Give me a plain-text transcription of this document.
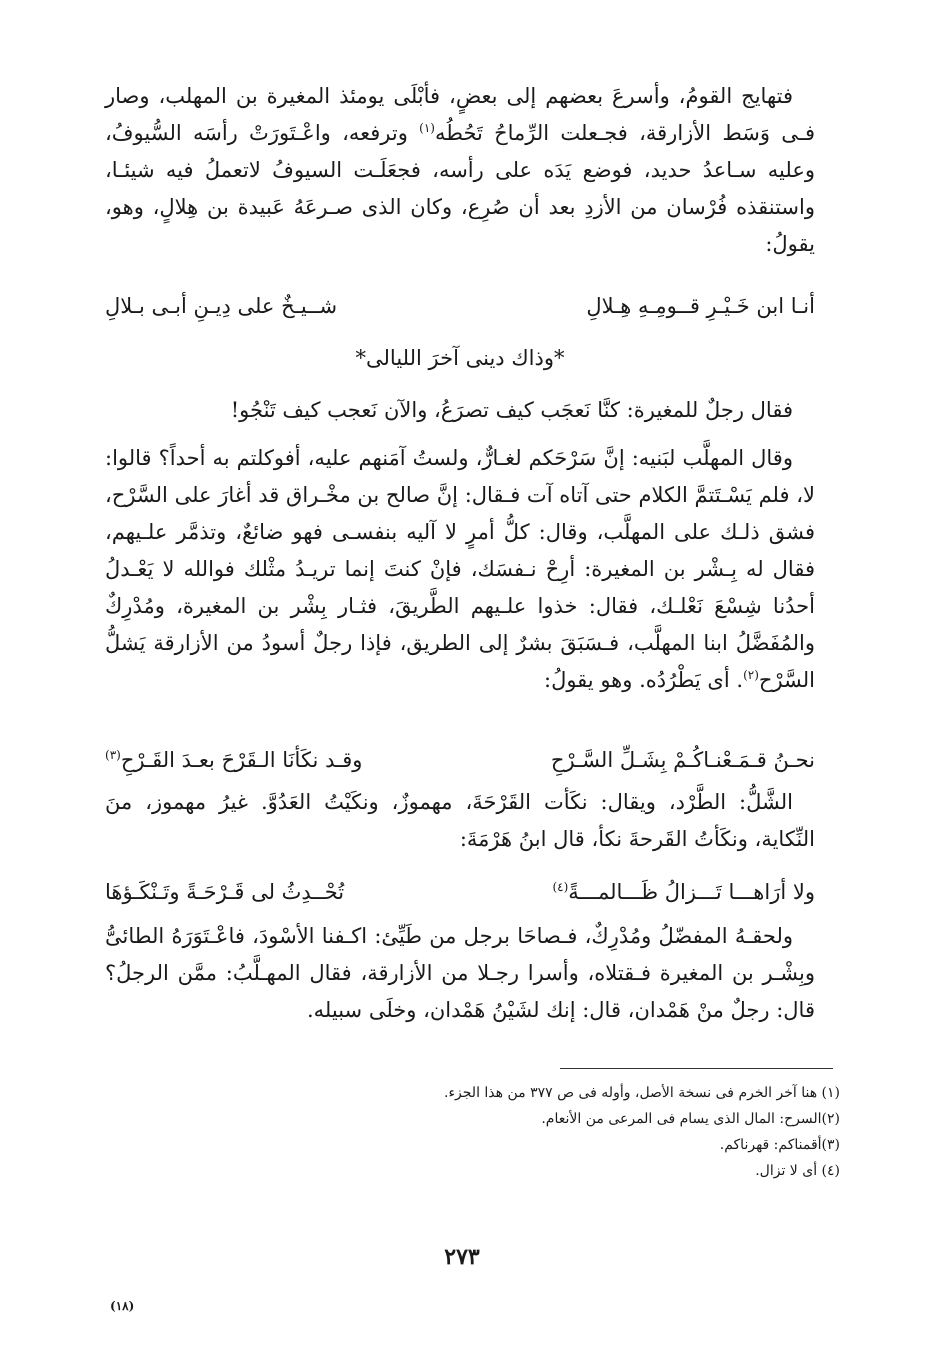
فتهايج القومُ، وأسرعَ بعضهم إلى بعضٍ، فأبْلَى يومئذ المغيرة بن المهلب، وصار فـى وَسَط الأزارقة، فجـعلت الرِّماحُ تَحُطُه$^{(١)}$ وترفعه، واعْـتَورَتْ رأسَه السُّيوفُ، وعليه سـاعدُ حديد، فوضع يَدَه على رأسه، فجعَلَـت السيوفُ لاتعملُ فيه شيئـا، واستنقذه فُرْسان من الأزدِ بعد أن صُرِع، وكان الذى صـرعَهُ عَبيدة بن هِلالٍ، وهو، يقولُ:

أنـا ابن خَـيْـرِ قــومِـهِ هِـلالِ
شــيـخٌ على دِيـنِ أبـى بـلالِ
*وذاك دينى آخرَ الليالى*

فقال رجلٌ للمغيرة: كنَّا نَعجَب كيف تصرَعُ، والآن نَعجب كيف تَنْجُو!

وقال المهلَّب لبَنيه: إنَّ سَرْحَكم لغـارٌّ، ولستُ آمَنهم عليه، أفوكلتم به أحداً؟ قالوا: لا، فلم يَسْـتَتمَّ الكلام حتى آتاه آت فـقال: إنَّ صالح بن مخْـراق قد أغارَ على السَّرْح، فشق ذلـك على المهلَّب، وقال: كلُّ أمرٍ لا آليه بنفسـى فهو ضائعٌ، وتذمَّر علـيهم، فقال له بِـشْر بن المغيرة: أرِحْ نـفسَك، فإنْ كنتَ إنما تريـدُ مثْلك فوالله لا يَعْـدلُ أحدُنا شِسْعَ نَعْلـك، فقال: خذوا علـيهم الطَّريقَ، فثـار بِشْر بن المغيرة، ومُدْرِكٌ والمُفَضَّلُ ابنا المهلَّب، فـسَبَقَ بشرٌ إلى الطريق، فإذا رجلٌ أسودُ من الأزارقة يَشلُّ السَّرْح$^{(٢)}$. أى يَطْرُدُه. وهو يقولُ:

نحـنُ قـمَـعْنـاكُـمْ بِشَـلِّ السَّـرْحِ
وقـد نكَأنَا الـقَرْحَ بعـدَ القَـرْحِ$^{(٣)}$

الشَّلُّ: الطَّرْد، ويقال: نكَأت القَرْحَةَ، مهموزٌ، ونكَيْتُ العَدُوَّ. غيرُ مهموز، منَ النِّكاية، ونكَأتُ القَرحةَ نكأ، قال ابنُ هَرْمَةَ:

ولا أرَاهـــا تَـــزالُ ظَـــالمـــةً$^{(٤)}$
تُحْــدِثُ لى قَـرْحَـةً وتَـنْكَـؤهَا

ولحقـهُ المفضّلُ ومُدْرِكٌ، فـصاحَا برجل من طَيِّئ: اكـفنا الأسْودَ، فاعْـتَوَرَهُ الطائىُّ وبِشْـر بن المغيرة فـقتلاه، وأسرا رجـلا من الأزارقة، فقال المهـلَّبُ: ممَّن الرجلُ؟ قال: رجلٌ منْ هَمْدان، قال: إنك لشَيْنُ هَمْدان، وخلَى سبيله.

(١) هنا آخر الخرم فى نسخة الأصل، وأوله فى ص ٣٧٧ من هذا الجزء.
(٢)السرح: المال الذى يسام فى المرعى من الأنعام.
(٣)أقمناكم: قهرناكم.
(٤) أى لا تزال.
٢٧٣
(١٨)
